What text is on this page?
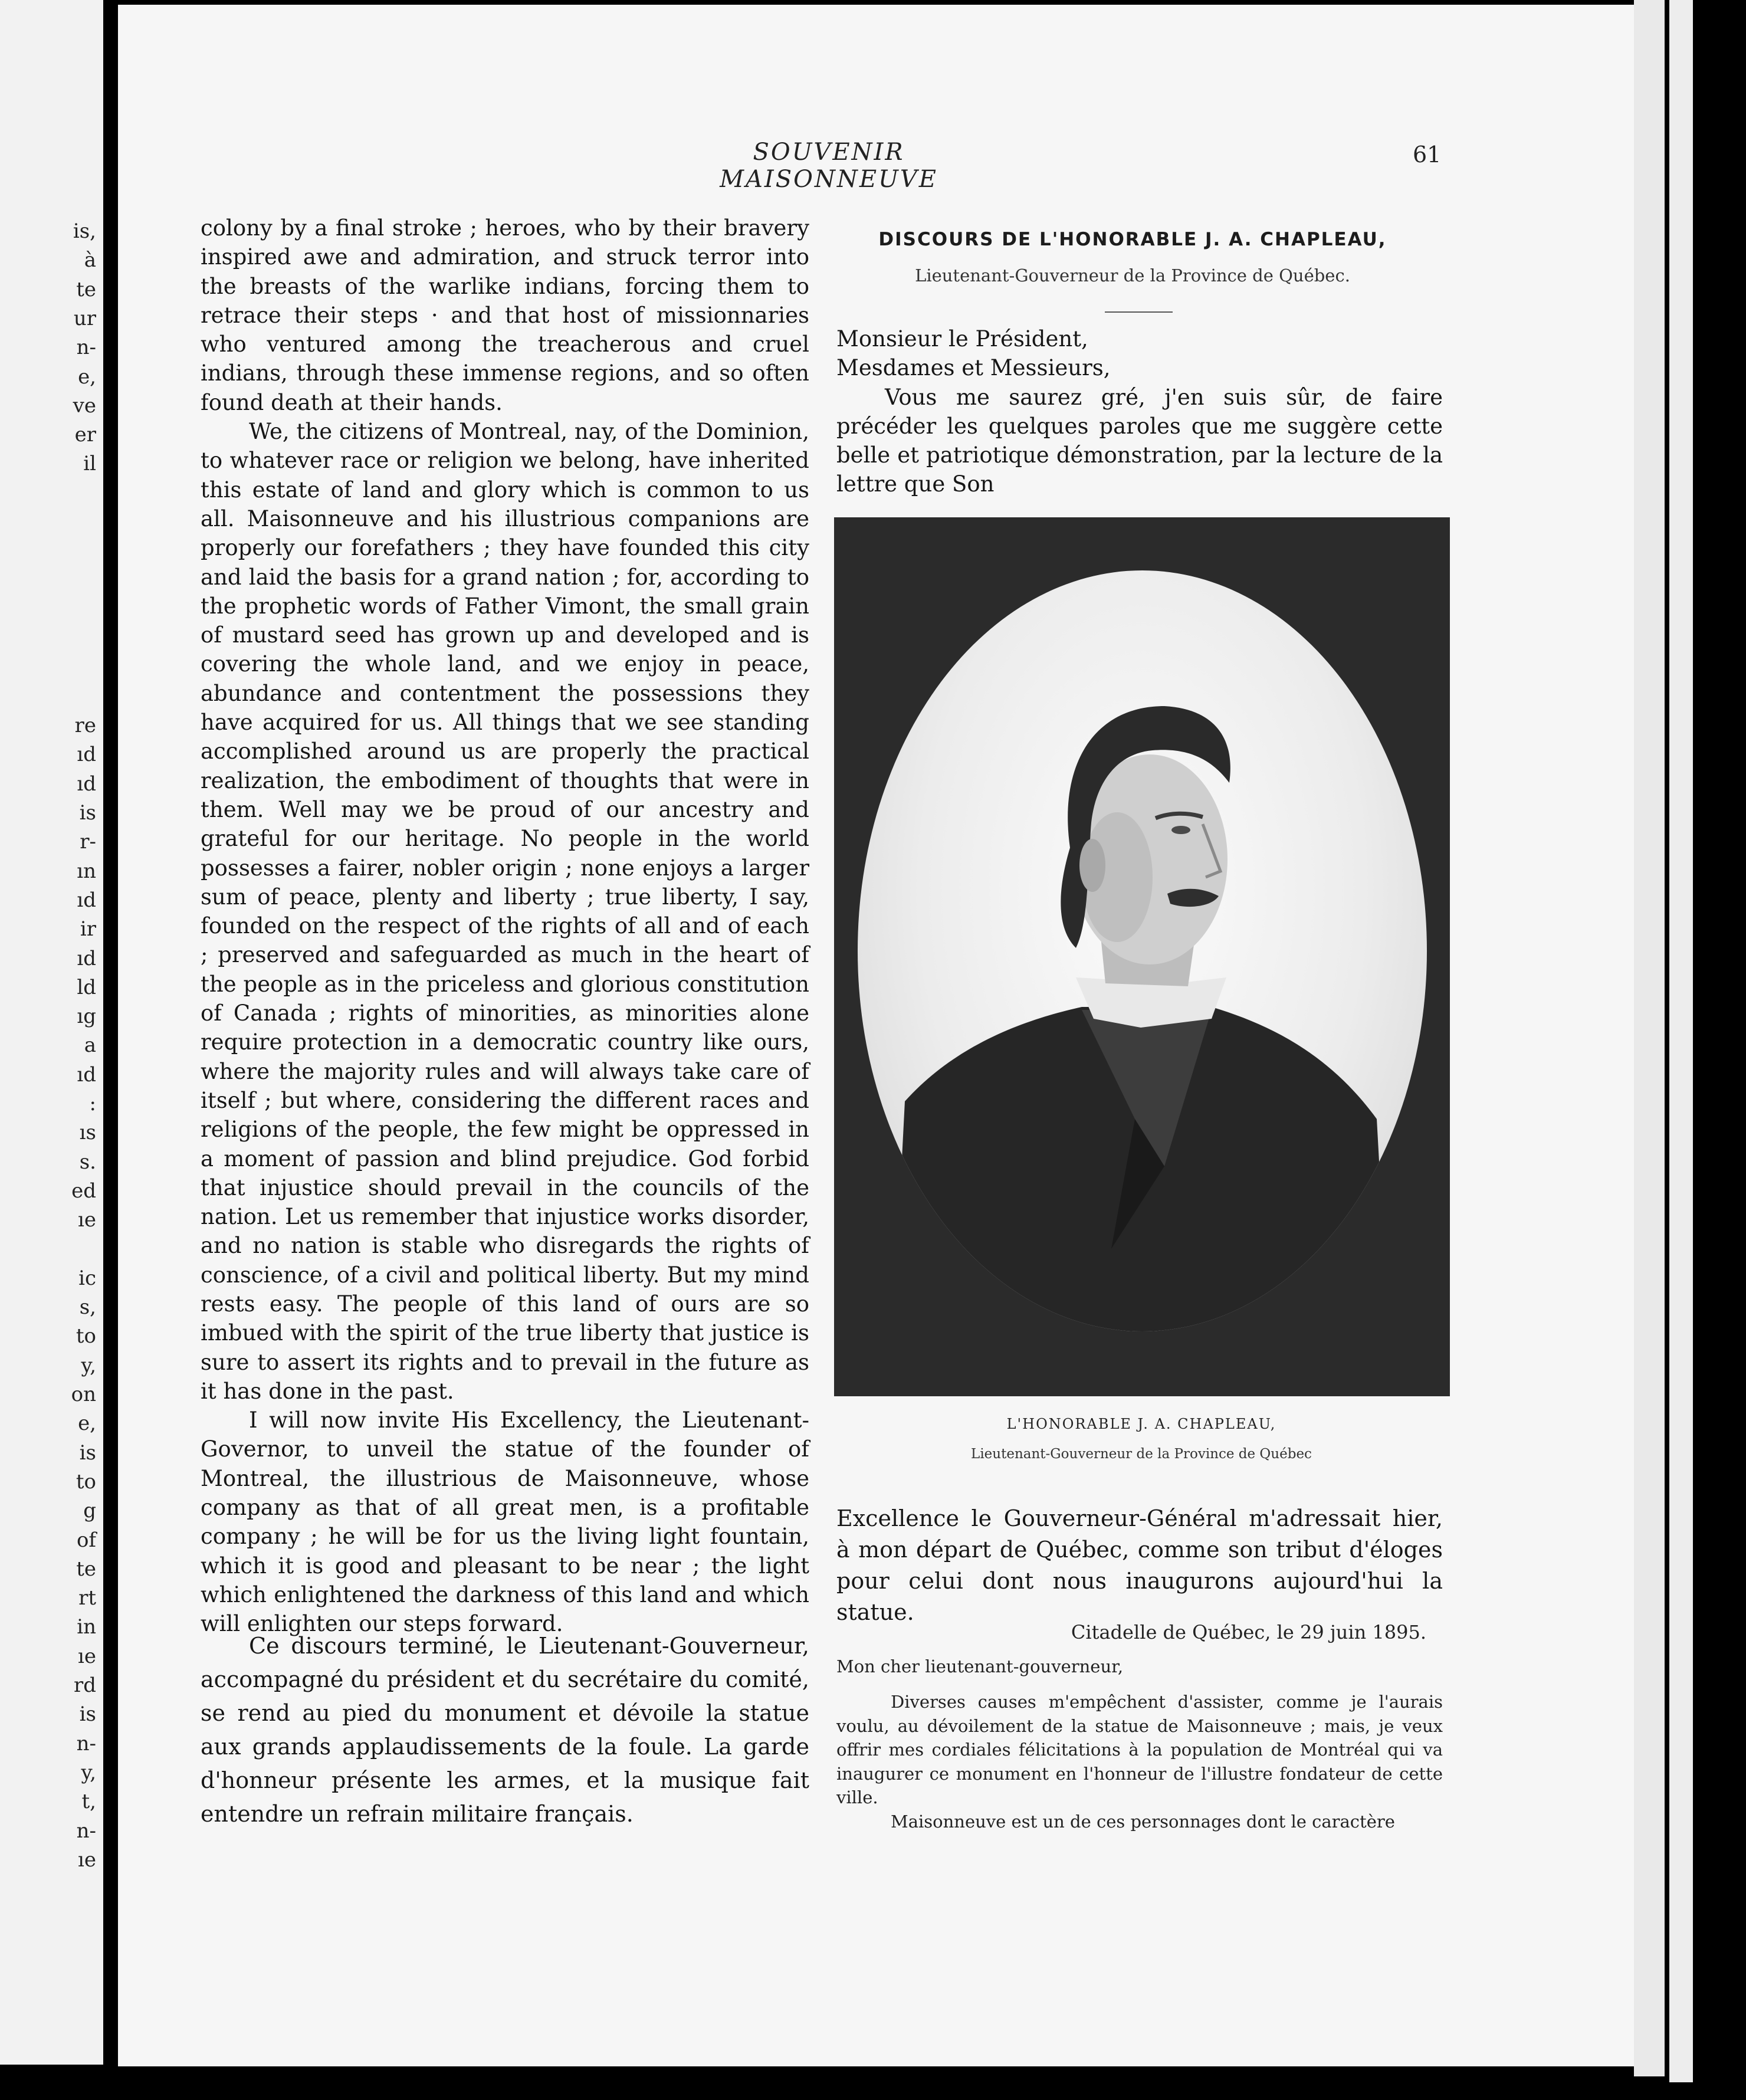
is,
à
te
ur
n-
e,
ve
er
il
re
ıd
ıd
is
r-
ın
ıd
ir
ıd
ld
ıg
a
ıd
:
ıs
s.
ed
ıe
ic
s,
to
y,
on
e,
is
to
g
of
te
rt
in
ıe
rd
is
n-
y,
t,
n-
ıe
SOUVENIR MAISONNEUVE
61

colony by a final stroke ; heroes, who by their bravery inspired awe and admiration, and struck terror into the breasts of the warlike indians, forcing them to retrace their steps · and that host of missionnaries who ventured among the treacherous and cruel indians, through these immense regions, and so often found death at their hands.

We, the citizens of Montreal, nay, of the Dominion, to whatever race or religion we belong, have inherited this estate of land and glory which is common to us all. Maisonneuve and his illustrious companions are properly our forefathers ; they have founded this city and laid the basis for a grand nation ; for, according to the prophetic words of Father Vimont, the small grain of mustard seed has grown up and developed and is covering the whole land, and we enjoy in peace, abundance and contentment the possessions they have acquired for us. All things that we see standing accomplished around us are properly the practical realization, the embodiment of thoughts that were in them. Well may we be proud of our ancestry and grateful for our heritage. No people in the world possesses a fairer, nobler origin ; none enjoys a larger sum of peace, plenty and liberty ; true liberty, I say, founded on the respect of the rights of all and of each ; preserved and safeguarded as much in the heart of the people as in the priceless and glorious constitution of Canada ; rights of minorities, as minorities alone require protection in a democratic country like ours, where the majority rules and will always take care of itself ; but where, considering the different races and religions of the people, the few might be oppressed in a moment of passion and blind prejudice. God forbid that injustice should prevail in the councils of the nation. Let us remember that injustice works disorder, and no nation is stable who disregards the rights of conscience, of a civil and political liberty. But my mind rests easy. The people of this land of ours are so imbued with the spirit of the true liberty that justice is sure to assert its rights and to prevail in the future as it has done in the past.

I will now invite His Excellency, the Lieutenant-Governor, to unveil the statue of the founder of Montreal, the illustrious de Maisonneuve, whose company as that of all great men, is a profitable company ; he will be for us the living light fountain, which it is good and pleasant to be near ; the light which enlightened the darkness of this land and which will enlighten our steps forward.

Ce discours terminé, le Lieutenant-Gouverneur, accompagné du président et du secrétaire du comité, se rend au pied du monument et dévoile la statue aux grands applaudissements de la foule. La garde d'honneur présente les armes, et la musique fait entendre un refrain militaire français.

DISCOURS DE L'HONORABLE J. A. CHAPLEAU,
Lieutenant-Gouverneur de la Province de Québec.

Monsieur le Président,

Mesdames et Messieurs,

Vous me saurez gré, j'en suis sûr, de faire précéder les quelques paroles que me suggère cette belle et patriotique démonstration, par la lecture de la lettre que Son

L'HONORABLE J. A. CHAPLEAU,
Lieutenant-Gouverneur de la Province de Québec

Excellence le Gouverneur-Général m'adressait hier, à mon départ de Québec, comme son tribut d'éloges pour celui dont nous inaugurons aujourd'hui la statue.

Citadelle de Québec, le 29 juin 1895.
Mon cher lieutenant-gouverneur,

Diverses causes m'empêchent d'assister, comme je l'aurais voulu, au dévoilement de la statue de Maisonneuve ; mais, je veux offrir mes cordiales félicitations à la population de Montréal qui va inaugurer ce monument en l'honneur de l'illustre fondateur de cette ville.

Maisonneuve est un de ces personnages dont le caractère
